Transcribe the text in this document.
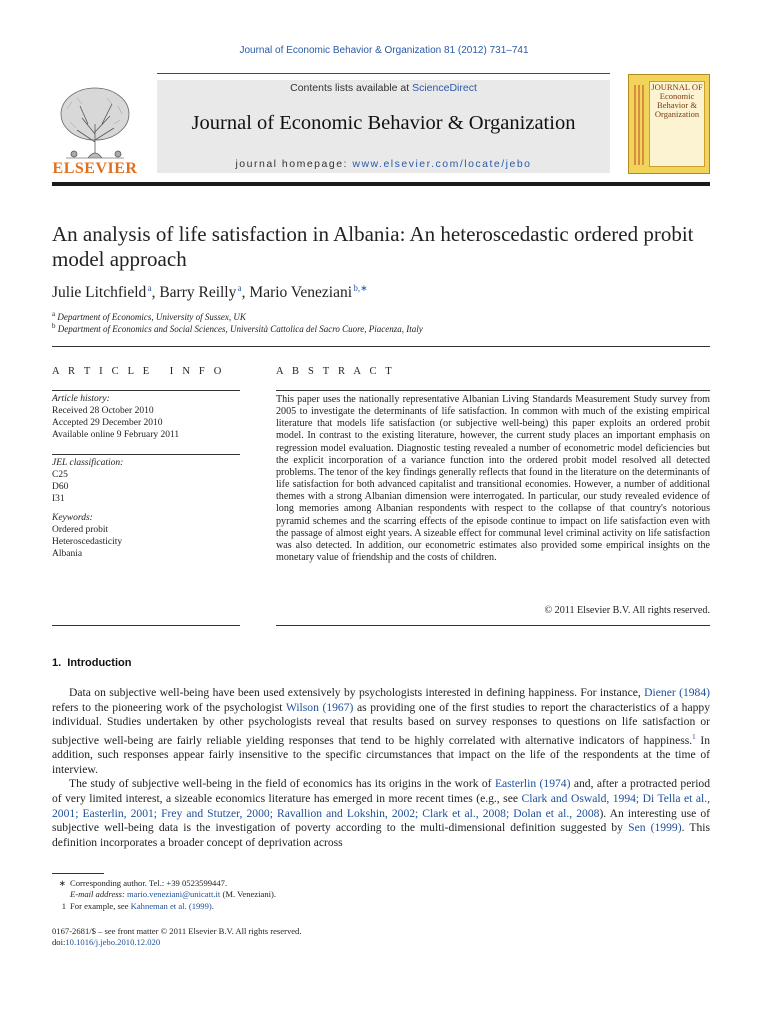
Journal of Economic Behavior & Organization 81 (2012) 731–741
ELSEVIER
Contents lists available at ScienceDirect
Journal of Economic Behavior & Organization
journal homepage: www.elsevier.com/locate/jebo
JOURNAL OF
Economic
Behavior &
Organization
An analysis of life satisfaction in Albania: An heteroscedastic ordered probit model approach
Julie Litchfield $^a$, Barry Reilly $^a$, Mario Veneziani $^{b,∗}$
$^a$ Department of Economics, University of Sussex, UK
$^b$ Department of Economics and Social Sciences, Università Cattolica del Sacro Cuore, Piacenza, Italy
A R T I C L E   I N F O
Article history:
Received 28 October 2010
Accepted 29 December 2010
Available online 9 February 2011
JEL classification:
C25
D60
I31
Keywords:
Ordered probit
Heteroscedasticity
Albania
A B S T R A C T
This paper uses the nationally representative Albanian Living Standards Measurement Study survey from 2005 to investigate the determinants of life satisfaction. In common with much of the existing empirical literature that models life satisfaction (or subjective well-being) this paper exploits an ordered probit model. In contrast to the existing literature, however, the current study places an important emphasis on regression model evaluation. Diagnostic testing revealed a number of econometric model deficiencies but the explicit incorporation of a variance function into the ordered probit model resolved all detected problems. The tenor of the key findings generally reflects that found in the literature on the determinants of life satisfaction for both advanced capitalist and transitional economies. However, a number of additional themes with a strong Albanian dimension were interrogated. In particular, our study revealed evidence of long memories among Albanian respondents with respect to the collapse of that country's notorious pyramid schemes and the scarring effects of the episode continue to impact on life satisfaction even with the passage of almost eight years. A sizeable effect for communal level criminal activity on life satisfaction was also detected. In addition, our econometric estimates also provided some empirical insights on the monetary value of friendship and the costs of children.
© 2011 Elsevier B.V. All rights reserved.
1.  Introduction

Data on subjective well-being have been used extensively by psychologists interested in defining happiness. For instance, Diener (1984) refers to the pioneering work of the psychologist Wilson (1967) as providing one of the first studies to report the characteristics of a happy individual. Studies undertaken by other psychologists reveal that results based on survey responses to questions on life satisfaction or subjective well-being are fairly reliable yielding responses that tend to be highly correlated with alternative indicators of happiness.$^1$ In addition, such responses appear fairly insensitive to the specific circumstances that impact on the life of the respondents at the time of interview.

The study of subjective well-being in the field of economics has its origins in the work of Easterlin (1974) and, after a protracted period of very limited interest, a sizeable economics literature has emerged in more recent times (e.g., see Clark and Oswald, 1994; Di Tella et al., 2001; Easterlin, 2001; Frey and Stutzer, 2000; Ravallion and Lokshin, 2002; Clark et al., 2008; Dolan et al., 2008). An interesting use of subjective well-being data is the investigation of poverty according to the multi-dimensional definition suggested by Sen (1999). This definition incorporates a broader concept of deprivation across

∗ Corresponding author. Tel.: +39 0523599447.
E-mail address: mario.veneziani@unicatt.it (M. Veneziani).
1 For example, see Kahneman et al. (1999).
0167-2681/$ – see front matter © 2011 Elsevier B.V. All rights reserved.
doi:10.1016/j.jebo.2010.12.020
